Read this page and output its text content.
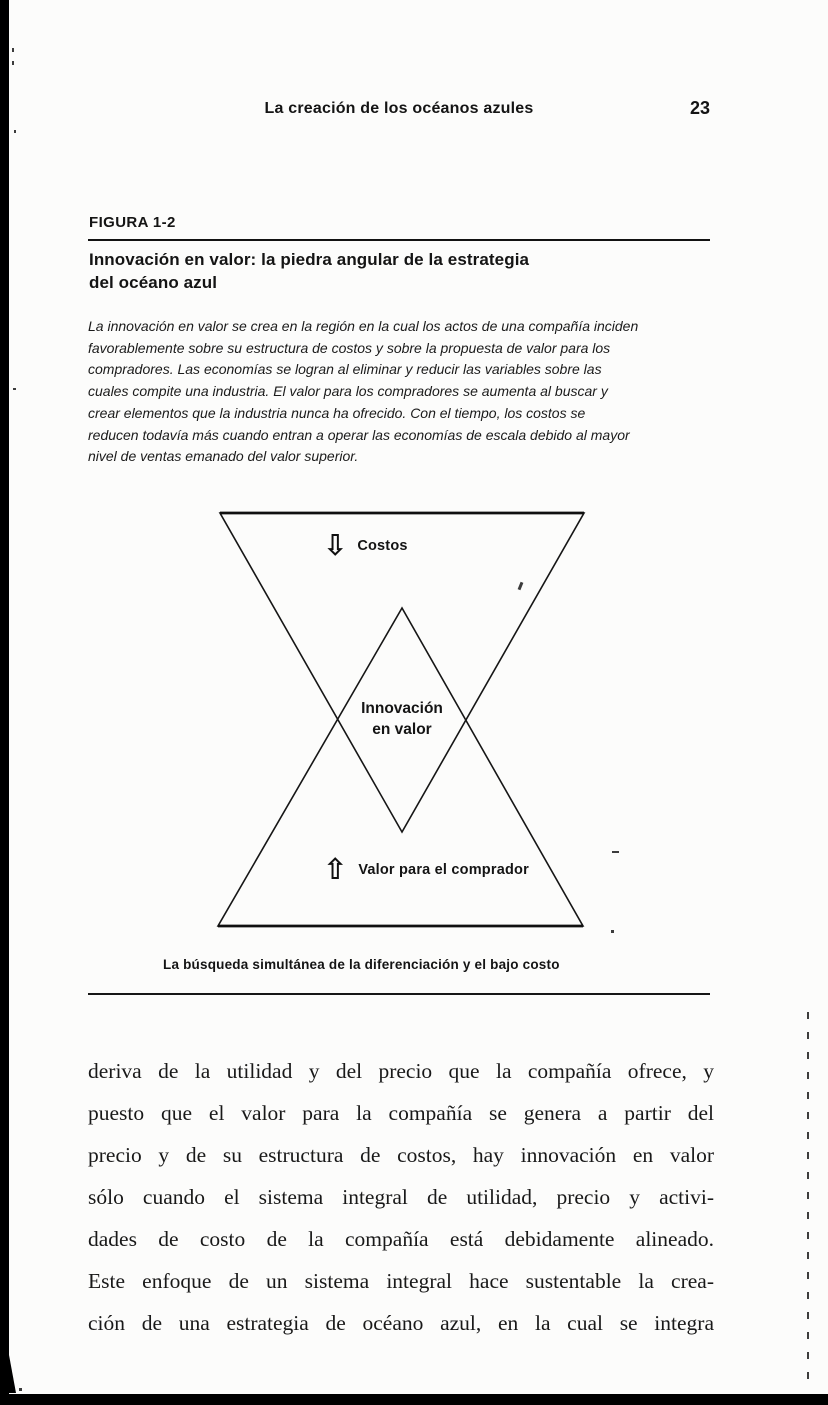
La creación de los océanos azules	23
FIGURA 1-2
Innovación en valor: la piedra angular de la estrategia
del océano azul
La innovación en valor se crea en la región en la cual los actos de una compañía inciden
favorablemente sobre su estructura de costos y sobre la propuesta de valor para los
compradores. Las economías se logran al eliminar y reducir las variables sobre las
cuales compite una industria. El valor para los compradores se aumenta al buscar y
crear elementos que la industria nunca ha ofrecido. Con el tiempo, los costos se
reducen todavía más cuando entran a operar las economías de escala debido al mayor
nivel de ventas emanado del valor superior.
⇩ Costos
Innovación
en valor
⇧ Valor para el comprador
La búsqueda simultánea de la diferenciación y el bajo costo
deriva de la utilidad y del precio que la compañía ofrece, y
puesto que el valor para la compañía se genera a partir del
precio y de su estructura de costos, hay innovación en valor
sólo cuando el sistema integral de utilidad, precio y activi-
dades de costo de la compañía está debidamente alineado.
Este enfoque de un sistema integral hace sustentable la crea-
ción de una estrategia de océano azul, en la cual se integra
